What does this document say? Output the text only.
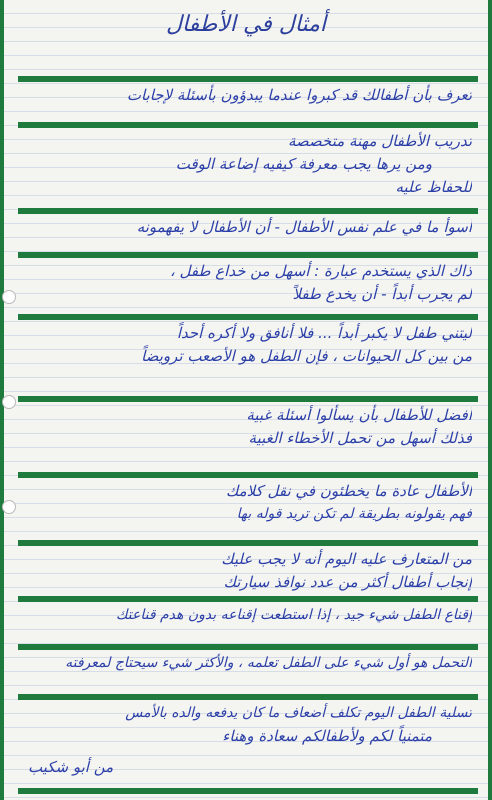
أمثال في الأطفال
تعرف بأن أطفالك قد كبروا عندما يبدؤون بأسئلة لإجابات
تدريب الأطفال مهنة متخصصة
ومن يرها يجب معرفة كيفيه إضاعة الوقت
للحفاظ عليه
أسوأ ما في علم نفس الأطفال - أن الأطفال لا يفهمونه
ذاك الذي يستخدم عبارة : أسهل من خداع طفل ،
لم يجرب أبداً - أن يخدع طفلاً
ليتني طفل لا يكبر أبداً ... فلا أنافق ولا أكره أحداً
من بين كل الحيوانات ، فإن الطفل هو الأصعب ترويضاً
أفضل للأطفال بأن يسألوا أسئلة غبية
فذلك أسهل من تحمل الأخطاء الغبية
الأطفال عادة ما يخطئون في نقل كلامك
فهم يقولونه بطريقة لم تكن تريد قوله بها
من المتعارف عليه اليوم أنه لا يجب عليك
إنجاب أطفال أكثر من عدد نوافذ سيارتك
إقناع الطفل شيء جيد ، إذا استطعت إقناعه بدون هدم قناعتك
التحمل هو أول شيء على الطفل تعلمه ، والأكثر شيء سيحتاج لمعرفته
تسلية الطفل اليوم تكلف أضعاف ما كان يدفعه والده بالأمس
متمنياً لكم ولأطفالكم سعادة وهناء
من أبو شكيب
